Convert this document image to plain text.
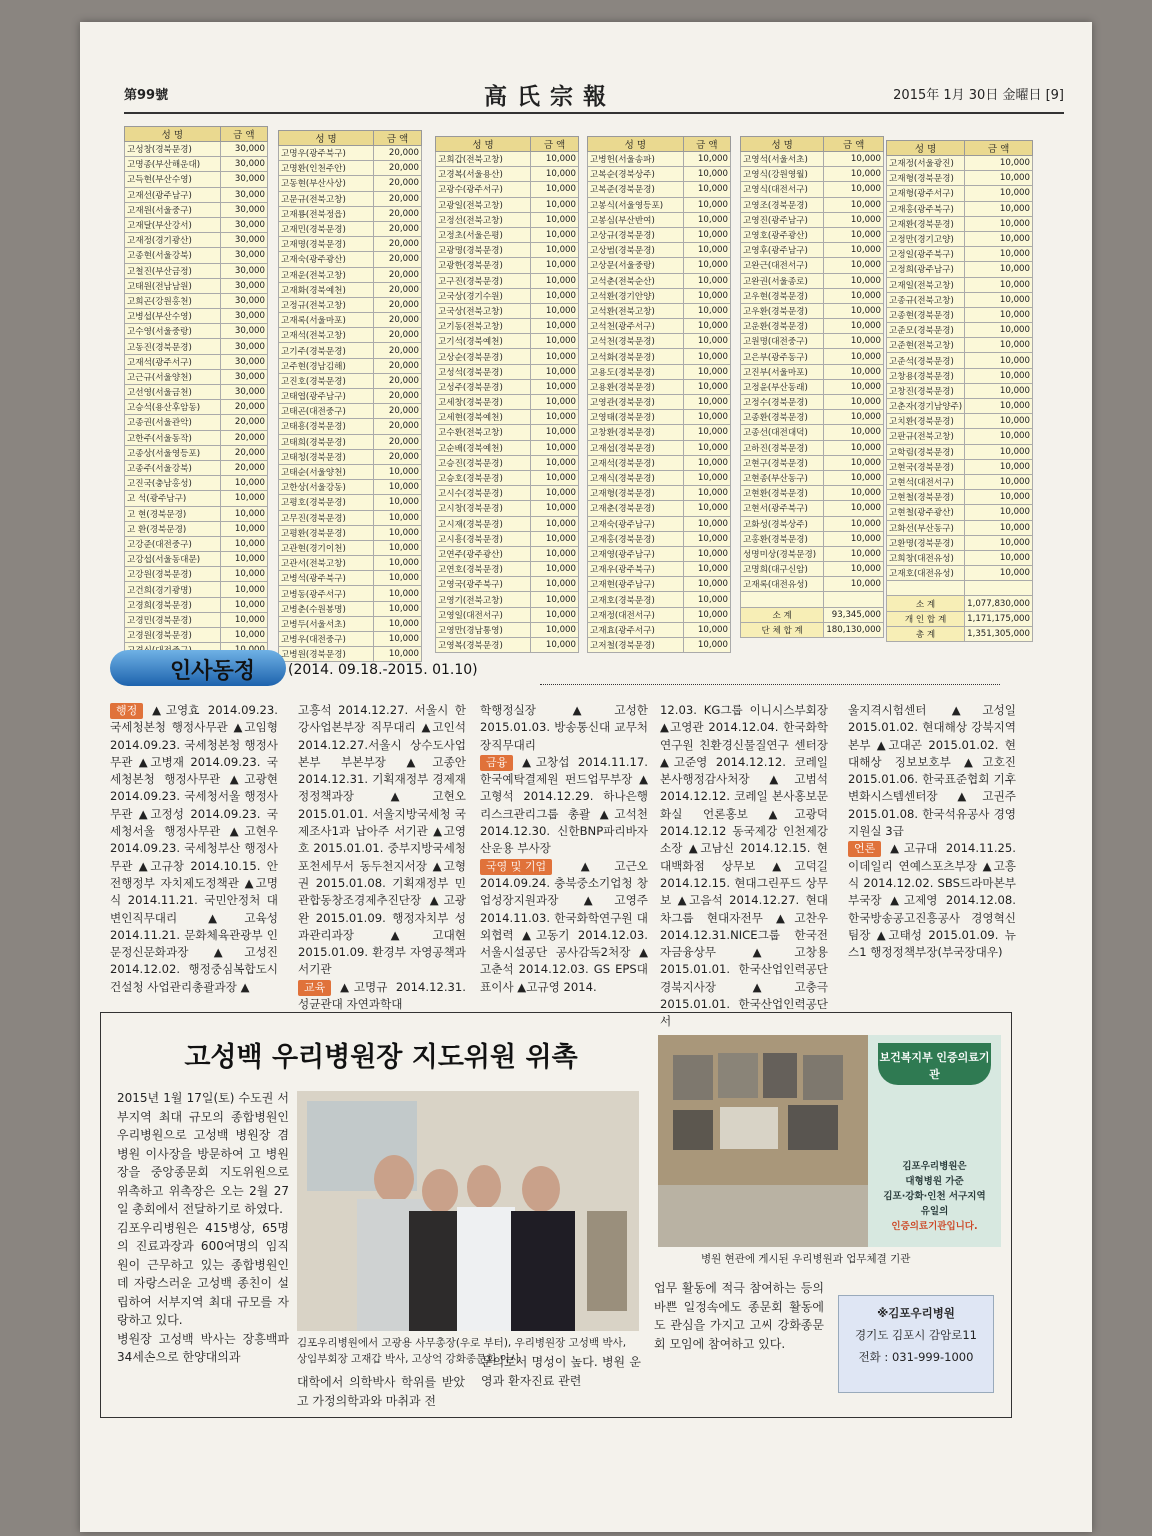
第99號	高氏宗報	2015年 1月 30日 金曜日 [9]
성 명	금 액
고성창(경북문경)	30,000
고명종(부산해운대)	30,000
고득현(부산수영)	30,000
고재선(광주남구)	30,000
고재원(서울중구)	30,000
고재달(부산강서)	30,000
고재정(경기광산)	30,000
고종현(서울강북)	30,000
고철진(부산금정)	30,000
고태원(전남남원)	30,000
고희곤(강원홍천)	30,000
고병섭(부산수영)	30,000
고수영(서울중랑)	30,000
고동진(경북문경)	30,000
고재석(광주서구)	30,000
고근규(서울양천)	30,000
고선영(서울금천)	30,000
고승석(용산후암동)	20,000
고종권(서울관악)	20,000
고한주(서울동작)	20,000
고종상(서울영등포)	20,000
고종주(서울강북)	20,000
고진국(충남홍성)	10,000
고 석(광주남구)	10,000
고 현(경북문경)	10,000
고 환(경북문경)	10,000
고강준(대전중구)	10,000
고강섭(서울동대문)	10,000
고강원(경북문경)	10,000
고건희(경기광명)	10,000
고경희(경북문경)	10,000
고경민(경북문경)	10,000
고경원(경북문경)	10,000

성 명	금 액
고명우(광주북구)	20,000
고명환(인천주안)	20,000
고동현(부산사상)	20,000
고문규(전북고창)	20,000
고재룡(전북정읍)	20,000
고재민(경북문경)	20,000
고재명(경북문경)	20,000
고재숙(광주광산)	20,000
고재운(전북고창)	20,000
고재화(경북예천)	20,000
고정규(전북고창)	20,000
고재록(서울마포)	20,000
고재석(전북고창)	20,000
고기주(경북문경)	20,000
고주현(경남김해)	20,000
고진호(경북문경)	20,000
고태엽(광주남구)	20,000
고태곤(대전중구)	20,000
고태흥(경북문경)	20,000
고태희(경북문경)	20,000
고태청(경북문경)	20,000
고태순(서울양천)	10,000
고한상(서울강동)	10,000
고평호(경북문경)	10,000
고무진(경북문경)	10,000
고평환(경북문경)	10,000
고관현(경기이천)	10,000
고관서(전북고창)	10,000
고병석(광주북구)	10,000
고병동(광주서구)	10,000
고병춘(수원봉명)	10,000
고병두(서울서초)	10,000
고병우(대전중구)	10,000
고병원(경북문경)	10,000
성 명	금 액
고희갑(전북고창)	10,000
고경복(서울용산)	10,000
고광수(광주서구)	10,000
고광일(전북고창)	10,000
고정선(전북고창)	10,000
고정초(서울은평)	10,000
고광명(경북문경)	10,000
고광한(경북문경)	10,000
고구진(경북문경)	10,000
고국상(경기수원)	10,000
고국상(전북고창)	10,000
고기동(전북고창)	10,000
고기석(경북예천)	10,000
고상순(경북문경)	10,000
고성석(경북문경)	10,000
고성주(경북문경)	10,000
고세창(경북문경)	10,000
고세현(경북예천)	10,000
고수환(전북고창)	10,000
고순배(경북예천)	10,000
고승진(경북문경)	10,000
고승호(경북문경)	10,000
고시수(경북문경)	10,000
고시창(경북문경)	10,000
고시재(경북문경)	10,000
고시흥(경북문경)	10,000
고연주(광주광산)	10,000
고연호(경북문경)	10,000
고영국(광주북구)	10,000
고영기(전북고창)	10,000
고영일(대전서구)	10,000
고영만(경남통영)	10,000
고영복(경북문경)	10,000
성 명	금 액
고병헌(서울송파)	10,000
고복순(경북상주)	10,000
고복준(경북문경)	10,000
고봉식(서울영등포)	10,000
고봉심(부산반여)	10,000
고상규(경북문경)	10,000
고상범(경북문경)	10,000
고상문(서울중랑)	10,000
고석춘(전북순산)	10,000
고석환(경기안양)	10,000
고석환(전북고창)	10,000
고석천(광주서구)	10,000
고석천(경북문경)	10,000
고석화(경북문경)	10,000
고용도(경북문경)	10,000
고용환(경북문경)	10,000
고영관(경북문경)	10,000
고영태(경북문경)	10,000
고창환(경북문경)	10,000
고재섭(경북문경)	10,000
고재석(경북문경)	10,000
고재식(경북문경)	10,000
고재형(경북문경)	10,000
고재춘(경북문경)	10,000
고재숙(광주남구)	10,000
고재홍(경북문경)	10,000
고재영(광주남구)	10,000
고재우(광주북구)	10,000
고재현(광주남구)	10,000
고재호(경북문경)	10,000
고재정(대전서구)	10,000
고재효(광주서구)	10,000
고저철(경북문경)	10,000
성 명	금 액
고영석(서울서초)	10,000
고영식(강원영월)	10,000
고영식(대전서구)	10,000
고영조(경북문경)	10,000
고영진(광주남구)	10,000
고영호(광주광산)	10,000
고영후(광주남구)	10,000
고완근(대전서구)	10,000
고완권(서울종로)	10,000
고우현(경북문경)	10,000
고우환(경북문경)	10,000
고운환(경북문경)	10,000
고원명(대전중구)	10,000
고은부(광주동구)	10,000
고진부(서울마포)	10,000
고정윤(부산동래)	10,000
고정수(경북문경)	10,000
고종환(경북문경)	10,000
고종선(대전대덕)	10,000
고하진(경북문경)	10,000
고현구(경북문경)	10,000
고현종(부산동구)	10,000
고현환(경북문경)	10,000
고현서(광주북구)	10,000
고화성(경북상주)	10,000
고홍환(경북문경)	10,000
성명미상(경북문경)	10,000
고명희(대구신암)	10,000
고재록(대전유성)	10,000

소 계	93,345,000
단 체 합 계	180,130,000
성 명	금 액
고재정(서울광진)	10,000
고재형(경북문경)	10,000
고재형(광주서구)	10,000
고재홍(광주북구)	10,000
고재환(경북문경)	10,000
고정만(경기고양)	10,000
고정일(광주북구)	10,000
고정희(광주남구)	10,000
고재일(전북고창)	10,000
고종규(전북고창)	10,000
고종현(경북문경)	10,000
고준모(경북문경)	10,000
고준현(전북고창)	10,000
고준석(경북문경)	10,000
고창용(경북문경)	10,000
고창진(경북문경)	10,000
고춘자(경기남양주)	10,000
고치환(경북문경)	10,000
고판규(전북고창)	10,000
고학림(경북문경)	10,000
고현국(경북문경)	10,000
고현석(대전서구)	10,000
고현철(경북문경)	10,000
고현철(광주광산)	10,000
고화선(부산동구)	10,000
고환명(경북문경)	10,000
고희창(대전유성)	10,000
고재호(대전유성)	10,000

소 계	1,077,830,000
개 인 합 계	1,171,175,000
총 계	1,351,305,000
인사동정 (2014. 09.18.-2015. 01.10)
행정 ▲고영효 2014.09.23. 국세청본청 행정사무관 ▲고임형 2014.09.23. 국세청본청 행정사무관 ▲고병재 2014.09.23. 국세청본청 행정사무관 ▲고광현 2014.09.23. 국세청서울 행정사무관 ▲고정성 2014.09.23. 국세청서울 행정사무관 ▲고현우 2014.09.23. 국세청부산 행정사무관 ▲고규창 2014.10.15. 안전행정부 자치제도정책관 ▲고명식 2014.11.21. 국민안정처 대변인직무대리 ▲고육성 2014.11.21. 문화체육관광부 인문정신문화과장 ▲고성진 2014.12.02. 행정중심복합도시건설청 사업관리총괄과장 ▲
고흥석 2014.12.27. 서울시 한강사업본부장 직무대리 ▲고인석 2014.12.27.서울시 상수도사업본부 부본부장 ▲고종안 2014.12.31. 기획재정부 경제재정정책과장 ▲고현오 2015.01.01. 서울지방국세청 국제조사1과 납아주 서기관 ▲고영호 2015.01.01. 중부지방국세청 포천세무서 동두천지서장 ▲고형권 2015.01.08. 기획재정부 민관합동창조경제추진단장 ▲고광완 2015.01.09. 행정자치부 성과관리과장 ▲고대현 2015.01.09. 환경부 자영공책과 서기관
교육 ▲고명규 2014.12.31. 성균관대 자연과학대
학행정실장 ▲고성한 2015.01.03. 방송통신대 교무처장직무대리
금융 ▲고창섭 2014.11.17. 한국예탁결제원 펀드업무부장 ▲고형석 2014.12.29. 하나은행 리스크관리그룹 총괄 ▲고석천 2014.12.30. 신한BNP파리바자산운용 부사장
국영 및 기업 ▲고근오 2014.09.24. 충북중소기업청 창업성장지원과장 ▲고영주 2014.11.03. 한국화학연구원 대외협력 ▲고동기 2014.12.03. 서울시설공단 공사감독2처장 ▲고춘석 2014.12.03. GS EPS대표이사 ▲고규영 2014.
12.03. KG그룹 이니시스부회장 ▲고영관 2014.12.04. 한국화학연구원 친환경신물질연구 센터장 ▲고준영 2014.12.12. 코레일 본사행정감사처장 ▲고범석 2014.12.12. 코레일 본사홍보문화실 언론홍보 ▲고광덕 2014.12.12 동국제강 인천제강소장 ▲고남신 2014.12.15. 현대백화점 상무보 ▲고덕길 2014.12.15. 현대그린푸드 상무보 ▲고음석 2014.12.27. 현대차그룹 현대자전무 ▲고찬우 2014.12.31.NICE그룹 한국전자금융상무 ▲고창용 2015.01.01. 한국산업인력공단 경북지사장 ▲고충극 2015.01.01. 한국산업인력공단 서
울지격시험센터 ▲고성일 2015.01.02. 현대해상 강북지역본부 ▲고대곤 2015.01.02. 현대해상 징보보호부 ▲고호진 2015.01.06. 한국표준협회 기후변화시스템센터장 ▲고권주 2015.01.08. 한국석유공사 경영지원실 3급
언론 ▲고규대 2014.11.25. 이데일리 연예스포츠부장 ▲고흥식 2014.12.02. SBS드라마본부 부국장 ▲고제영 2014.12.08. 한국방송공고진흥공사 경영혁신팀장 ▲고태성 2015.01.09. 뉴스1 행정정책부장(부국장대우)
고성백 우리병원장 지도위원 위촉
2015년 1월 17일(토) 수도권 서부지역 최대 규모의 종합병원인 우리병원으로 고성백 병원장 겸 병원 이사장을 방문하여 고 병원장을 중앙종문회 지도위원으로 위촉하고 위촉장은 오는 2월 27일 총회에서 전달하기로 하였다.
김포우리병원은 415병상, 65명의 진료과장과 600여명의 임직원이 근무하고 있는 종합병원인데 자랑스러운 고성백 종친이 설립하여 서부지역 최대 규모를 자랑하고 있다.
병원장 고성백 박사는 장흥백파 34세손으로 한양대의과
김포우리병원에서 고광용 사무총장(우로 부터), 우리병원장 고성백 박사, 상임부회장 고재갑 박사, 고상억 강화종문회 이사
대학에서 의학박사 학위를 받았고 가정의학과와 마취과 전
문의로서 명성이 높다. 병원 운영과 환자진료 관련
보건복지부 인증의료기관
김포우리병원은
대형병원 가준
김포·강화·인천 서구지역
유일의
인증의료기관입니다.
병원 현관에 게시된 우리병원과 업무체결 기관
업무 활동에 적극 참여하는 등의 바쁜 일정속에도 종문회 활동에도 관심을 가지고 고씨 강화종문회 모임에 참여하고 있다.
※김포우리병원
경기도 김포시 감암로11
전화 : 031-999-1000
